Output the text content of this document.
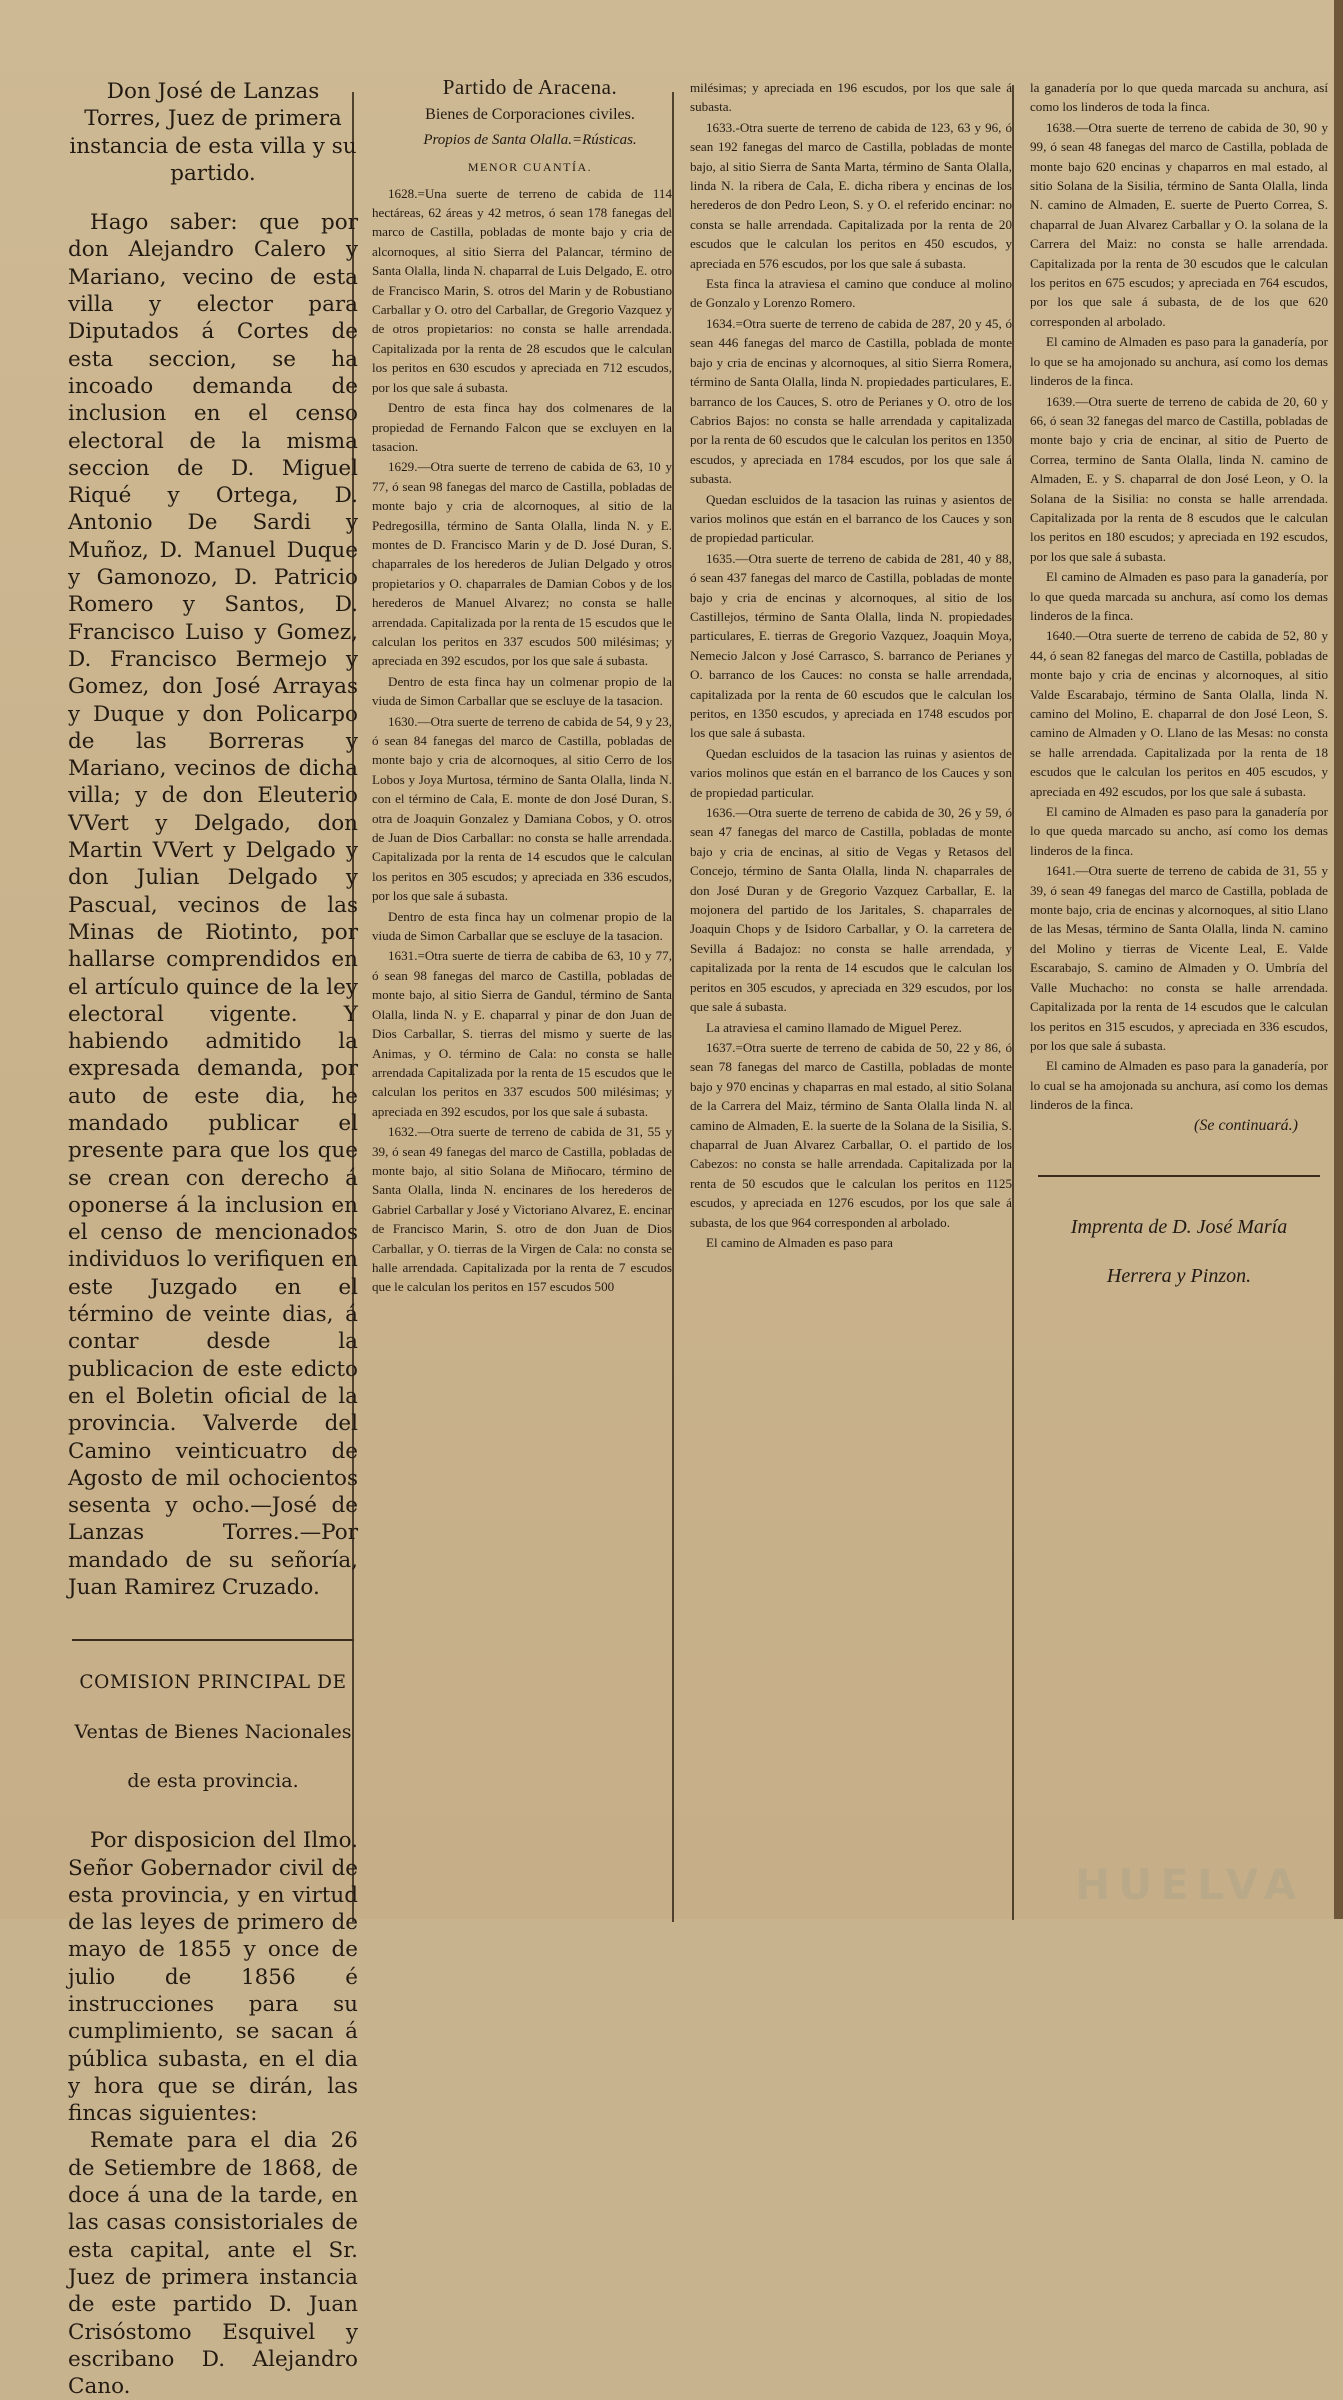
Don José de Lanzas Torres, Juez de primera instancia de esta villa y su partido.

Hago saber: que por don Alejandro Calero y Mariano, vecino de esta villa y elector para Diputados á Cortes de esta seccion, se ha incoado demanda de inclusion en el censo electoral de la misma seccion de D. Miguel Riqué y Ortega, D. Antonio De Sardi y Muñoz, D. Manuel Duque y Gamonozo, D. Patricio Romero y Santos, D. Francisco Luiso y Gomez, D. Francisco Bermejo y Gomez, don José Arrayas y Duque y don Policarpo de las Borreras y Mariano, vecinos de dicha villa; y de don Eleuterio VVert y Delgado, don Martin VVert y Delgado y don Julian Delgado y Pascual, vecinos de las Minas de Riotinto, por hallarse comprendidos en el artículo quince de la ley electoral vigente. Y habiendo admitido la expresada demanda, por auto de este dia, he mandado publicar el presente para que los que se crean con derecho á oponerse á la inclusion en el censo de mencionados individuos lo verifiquen en este Juzgado en el término de veinte dias, á contar desde la publicacion de este edicto en el Boletin oficial de la provincia. Valverde del Camino veinticuatro de Agosto de mil ochocientos sesenta y ocho.—José de Lanzas Torres.—Por mandado de su señoría, Juan Ramirez Cruzado.

COMISION PRINCIPAL DE

Ventas de Bienes Nacionales

de esta provincia.

Por disposicion del Ilmo. Señor Gobernador civil de esta provincia, y en virtud de las leyes de primero de mayo de 1855 y once de julio de 1856 é instrucciones para su cumplimiento, se sacan á pública subasta, en el dia y hora que se dirán, las fincas siguientes:

Remate para el dia 26 de Setiembre de 1868, de doce á una de la tarde, en las casas consistoriales de esta capital, ante el Sr. Juez de primera instancia de este partido D. Juan Crisóstomo Esquivel y escribano D. Alejandro Cano.

Partido de Aracena.

Bienes de Corporaciones civiles.

Propios de Santa Olalla.=Rústicas.

MENOR CUANTÍA.

1628.=Una suerte de terreno de cabida de 114 hectáreas, 62 áreas y 42 metros, ó sean 178 fanegas del marco de Castilla, pobladas de monte bajo y cria de alcornoques, al sitio Sierra del Palancar, término de Santa Olalla, linda N. chaparral de Luis Delgado, E. otro de Francisco Marin, S. otros del Marin y de Robustiano Carballar y O. otro del Carballar, de Gregorio Vazquez y de otros propietarios: no consta se halle arrendada. Capitalizada por la renta de 28 escudos que le calculan los peritos en 630 escudos y apreciada en 712 escudos, por los que sale á subasta.

Dentro de esta finca hay dos colmenares de la propiedad de Fernando Falcon que se excluyen en la tasacion.

1629.—Otra suerte de terreno de cabida de 63, 10 y 77, ó sean 98 fanegas del marco de Castilla, pobladas de monte bajo y cria de alcornoques, al sitio de la Pedregosilla, término de Santa Olalla, linda N. y E. montes de D. Francisco Marin y de D. José Duran, S. chaparrales de los herederos de Julian Delgado y otros propietarios y O. chaparrales de Damian Cobos y de los herederos de Manuel Alvarez; no consta se halle arrendada. Capitalizada por la renta de 15 escudos que le calculan los peritos en 337 escudos 500 milésimas; y apreciada en 392 escudos, por los que sale á subasta.

Dentro de esta finca hay un colmenar propio de la viuda de Simon Carballar que se escluye de la tasacion.

1630.—Otra suerte de terreno de cabida de 54, 9 y 23, ó sean 84 fanegas del marco de Castilla, pobladas de monte bajo y cria de alcornoques, al sitio Cerro de los Lobos y Joya Murtosa, término de Santa Olalla, linda N. con el término de Cala, E. monte de don José Duran, S. otra de Joaquin Gonzalez y Damiana Cobos, y O. otros de Juan de Dios Carballar: no consta se halle arrendada. Capitalizada por la renta de 14 escudos que le calculan los peritos en 305 escudos; y apreciada en 336 escudos, por los que sale á subasta.

Dentro de esta finca hay un colmenar propio de la viuda de Simon Carballar que se escluye de la tasacion.

1631.=Otra suerte de tierra de cabiba de 63, 10 y 77, ó sean 98 fanegas del marco de Castilla, pobladas de monte bajo, al sitio Sierra de Gandul, término de Santa Olalla, linda N. y E. chaparral y pinar de don Juan de Dios Carballar, S. tierras del mismo y suerte de las Animas, y O. término de Cala: no consta se halle arrendada Capitalizada por la renta de 15 escudos que le calculan los peritos en 337 escudos 500 milésimas; y apreciada en 392 escudos, por los que sale á subasta.

1632.—Otra suerte de terreno de cabida de 31, 55 y 39, ó sean 49 fanegas del marco de Castilla, pobladas de monte bajo, al sitio Solana de Miñocaro, término de Santa Olalla, linda N. encinares de los herederos de Gabriel Carballar y José y Victoriano Alvarez, E. encinar de Francisco Marin, S. otro de don Juan de Dios Carballar, y O. tierras de la Virgen de Cala: no consta se halle arrendada. Capitalizada por la renta de 7 escudos que le calculan los peritos en 157 escudos 500

milésimas; y apreciada en 196 escudos, por los que sale á subasta.

1633.-Otra suerte de terreno de cabida de 123, 63 y 96, ó sean 192 fanegas del marco de Castilla, pobladas de monte bajo, al sitio Sierra de Santa Marta, término de Santa Olalla, linda N. la ribera de Cala, E. dicha ribera y encinas de los herederos de don Pedro Leon, S. y O. el referido encinar: no consta se halle arrendada. Capitalizada por la renta de 20 escudos que le calculan los peritos en 450 escudos, y apreciada en 576 escudos, por los que sale á subasta.

Esta finca la atraviesa el camino que conduce al molino de Gonzalo y Lorenzo Romero.

1634.=Otra suerte de terreno de cabida de 287, 20 y 45, ó sean 446 fanegas del marco de Castilla, poblada de monte bajo y cria de encinas y alcornoques, al sitio Sierra Romera, término de Santa Olalla, linda N. propiedades particulares, E. barranco de los Cauces, S. otro de Perianes y O. otro de los Cabrios Bajos: no consta se halle arrendada y capitalizada por la renta de 60 escudos que le calculan los peritos en 1350 escudos, y apreciada en 1784 escudos, por los que sale á subasta.

Quedan escluidos de la tasacion las ruinas y asientos de varios molinos que están en el barranco de los Cauces y son de propiedad particular.

1635.—Otra suerte de terreno de cabida de 281, 40 y 88, ó sean 437 fanegas del marco de Castilla, pobladas de monte bajo y cria de encinas y alcornoques, al sitio de los Castillejos, término de Santa Olalla, linda N. propiedades particulares, E. tierras de Gregorio Vazquez, Joaquin Moya, Nemecio Jalcon y José Carrasco, S. barranco de Perianes y O. barranco de los Cauces: no consta se halle arrendada, capitalizada por la renta de 60 escudos que le calculan los peritos, en 1350 escudos, y apreciada en 1748 escudos por los que sale á subasta.

Quedan escluidos de la tasacion las ruinas y asientos de varios molinos que están en el barranco de los Cauces y son de propiedad particular.

1636.—Otra suerte de terreno de cabida de 30, 26 y 59, ó sean 47 fanegas del marco de Castilla, pobladas de monte bajo y cria de encinas, al sitio de Vegas y Retasos del Concejo, término de Santa Olalla, linda N. chaparrales de don José Duran y de Gregorio Vazquez Carballar, E. la mojonera del partido de los Jaritales, S. chaparrales de Joaquin Chops y de Isidoro Carballar, y O. la carretera de Sevilla á Badajoz: no consta se halle arrendada, y capitalizada por la renta de 14 escudos que le calculan los peritos en 305 escudos, y apreciada en 329 escudos, por los que sale á subasta.

La atraviesa el camino llamado de Miguel Perez.

1637.=Otra suerte de terreno de cabida de 50, 22 y 86, ó sean 78 fanegas del marco de Castilla, pobladas de monte bajo y 970 encinas y chaparras en mal estado, al sitio Solana de la Carrera del Maiz, término de Santa Olalla linda N. al camino de Almaden, E. la suerte de la Solana de la Sisilia, S. chaparral de Juan Alvarez Carballar, O. el partido de los Cabezos: no consta se halle arrendada. Capitalizada por la renta de 50 escudos que le calculan los peritos en 1125 escudos, y apreciada en 1276 escudos, por los que sale á subasta, de los que 964 corresponden al arbolado.

El camino de Almaden es paso para

la ganadería por lo que queda marcada su anchura, así como los linderos de toda la finca.

1638.—Otra suerte de terreno de cabida de 30, 90 y 99, ó sean 48 fanegas del marco de Castilla, poblada de monte bajo 620 encinas y chaparros en mal estado, al sitio Solana de la Sisilia, término de Santa Olalla, linda N. camino de Almaden, E. suerte de Puerto Correa, S. chaparral de Juan Alvarez Carballar y O. la solana de la Carrera del Maiz: no consta se halle arrendada. Capitalizada por la renta de 30 escudos que le calculan los peritos en 675 escudos; y apreciada en 764 escudos, por los que sale á subasta, de de los que 620 corresponden al arbolado.

El camino de Almaden es paso para la ganadería, por lo que se ha amojonado su anchura, así como los demas linderos de la finca.

1639.—Otra suerte de terreno de cabida de 20, 60 y 66, ó sean 32 fanegas del marco de Castilla, pobladas de monte bajo y cria de encinar, al sitio de Puerto de Correa, termino de Santa Olalla, linda N. camino de Almaden, E. y S. chaparral de don José Leon, y O. la Solana de la Sisilia: no consta se halle arrendada. Capitalizada por la renta de 8 escudos que le calculan los peritos en 180 escudos; y apreciada en 192 escudos, por los que sale á subasta.

El camino de Almaden es paso para la ganadería, por lo que queda marcada su anchura, así como los demas linderos de la finca.

1640.—Otra suerte de terreno de cabida de 52, 80 y 44, ó sean 82 fanegas del marco de Castilla, pobladas de monte bajo y cria de encinas y alcornoques, al sitio Valde Escarabajo, término de Santa Olalla, linda N. camino del Molino, E. chaparral de don José Leon, S. camino de Almaden y O. Llano de las Mesas: no consta se halle arrendada. Capitalizada por la renta de 18 escudos que le calculan los peritos en 405 escudos, y apreciada en 492 escudos, por los que sale á subasta.

El camino de Almaden es paso para la ganadería por lo que queda marcado su ancho, así como los demas linderos de la finca.

1641.—Otra suerte de terreno de cabida de 31, 55 y 39, ó sean 49 fanegas del marco de Castilla, poblada de monte bajo, cria de encinas y alcornoques, al sitio Llano de las Mesas, término de Santa Olalla, linda N. camino del Molino y tierras de Vicente Leal, E. Valde Escarabajo, S. camino de Almaden y O. Umbría del Valle Muchacho: no consta se halle arrendada. Capitalizada por la renta de 14 escudos que le calculan los peritos en 315 escudos, y apreciada en 336 escudos, por los que sale á subasta.

El camino de Almaden es paso para la ganadería, por lo cual se ha amojonada su anchura, así como los demas linderos de la finca.

(Se continuará.)

Imprenta de D. José María

Herrera y Pinzon.

HUELVA
